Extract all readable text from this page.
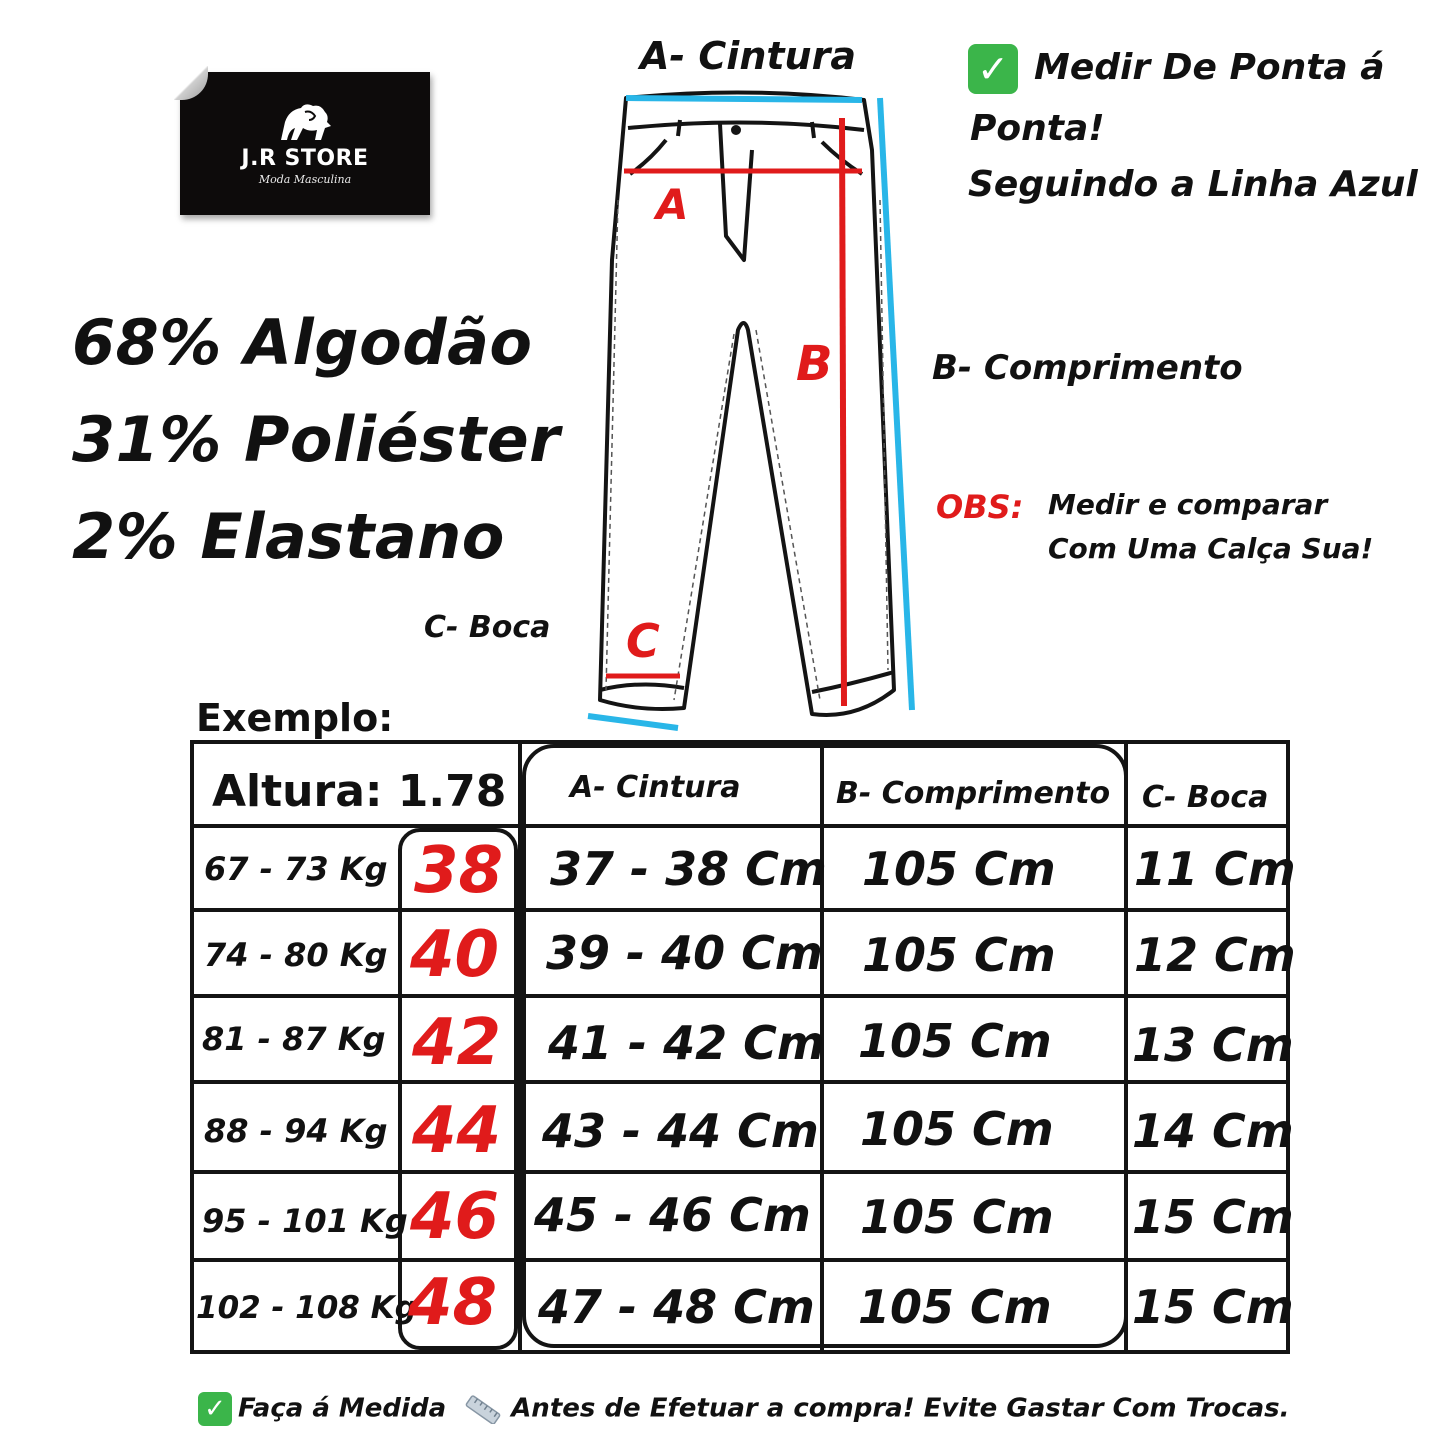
J.R STORE
Moda Masculina
68% Algodão
31% Poliéster
2% Elastano
A
B
C
A- Cintura
B- Comprimento
C- Boca
✓ Medir De Ponta á
Ponta!
Seguindo a Linha Azul
OBS: Medir e comparar
Com Uma Calça Sua!
Exemplo:
Altura: 1.78 A- Cintura	B- Comprimento C- Boca
67 - 73 Kg 38 37 - 38 Cm 105 Cm 11 Cm
74 - 80 Kg 40 39 - 40 Cm 105 Cm 12 Cm
81 - 87 Kg 42 41 - 42 Cm 105 Cm 13 Cm
88 - 94 Kg 44 43 - 44 Cm 105 Cm 14 Cm
95 - 101 Kg 46 45 - 46 Cm 105 Cm 15 Cm
102 - 108 Kg
48 47 - 48 Cm 105 Cm 15 Cm
✓ Faça á Medida	Antes de Efetuar a compra! Evite Gastar Com Trocas.
